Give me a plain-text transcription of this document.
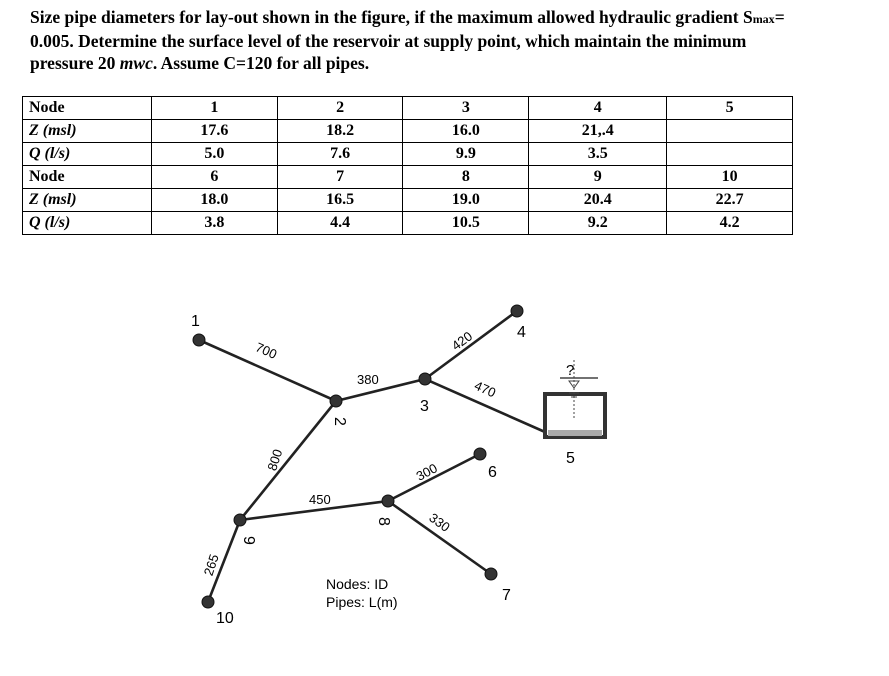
Size pipe diameters for lay-out shown in the figure, if the maximum allowed hydraulic gradient Smax= 0.005. Determine the surface level of the reservoir at supply point, which maintain the minimum pressure 20 mwc. Assume C=120 for all pipes.

Node	1	2	3	4	5
Z (msl)	17.6	18.2	16.0	21,.4	
Q (l/s)	5.0	7.6	9.9	3.5	
Node	6	7	8	9	10
Z (msl)	18.0	16.5	19.0	20.4	22.7
Q (l/s)	3.8	4.4	10.5	9.2	4.2
?
1
2
3
4
5
6
7
8
9
10
700
380
420
470
800
450
300
330
265
Nodes: ID
Pipes: L(m)
